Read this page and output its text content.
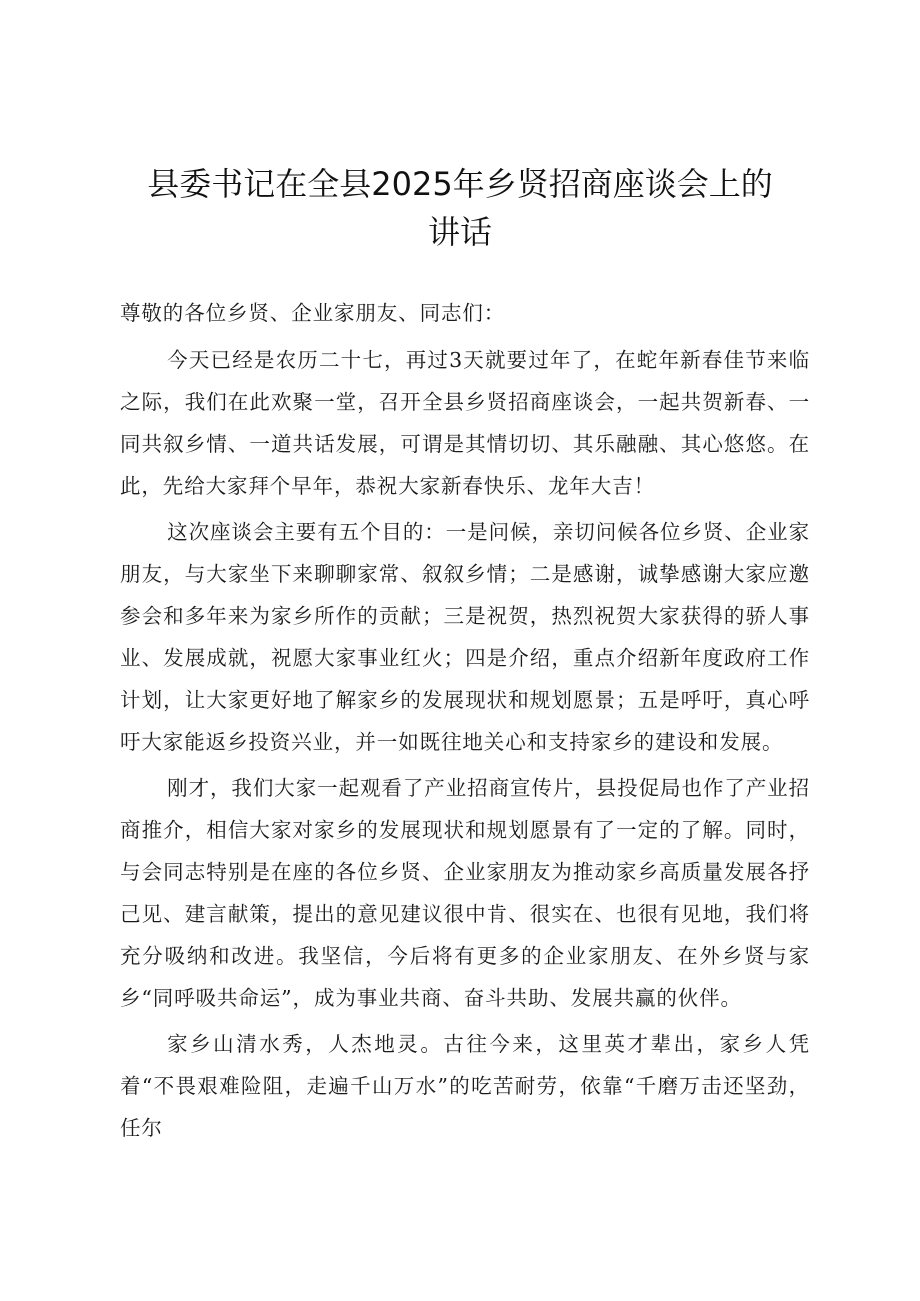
县委书记在全县2025年乡贤招商座谈会上的
讲话

尊敬的各位乡贤、企业家朋友、同志们：

今天已经是农历二十七，再过3天就要过年了，在蛇年新春佳节来临之际，我们在此欢聚一堂，召开全县乡贤招商座谈会，一起共贺新春、一同共叙乡情、一道共话发展，可谓是其情切切、其乐融融、其心悠悠。在此，先给大家拜个早年，恭祝大家新春快乐、龙年大吉！

这次座谈会主要有五个目的：一是问候，亲切问候各位乡贤、企业家朋友，与大家坐下来聊聊家常、叙叙乡情；二是感谢，诚挚感谢大家应邀参会和多年来为家乡所作的贡献；三是祝贺，热烈祝贺大家获得的骄人事业、发展成就，祝愿大家事业红火；四是介绍，重点介绍新年度政府工作计划，让大家更好地了解家乡的发展现状和规划愿景；五是呼吁，真心呼吁大家能返乡投资兴业，并一如既往地关心和支持家乡的建设和发展。

刚才，我们大家一起观看了产业招商宣传片，县投促局也作了产业招商推介，相信大家对家乡的发展现状和规划愿景有了一定的了解。同时，与会同志特别是在座的各位乡贤、企业家朋友为推动家乡高质量发展各抒己见、建言献策，提出的意见建议很中肯、很实在、也很有见地，我们将充分吸纳和改进。我坚信，今后将有更多的企业家朋友、在外乡贤与家乡“同呼吸共命运”，成为事业共商、奋斗共助、发展共赢的伙伴。

家乡山清水秀，人杰地灵。古往今来，这里英才辈出，家乡人凭着“不畏艰难险阻，走遍千山万水”的吃苦耐劳，依靠“千磨万击还坚劲，任尔
